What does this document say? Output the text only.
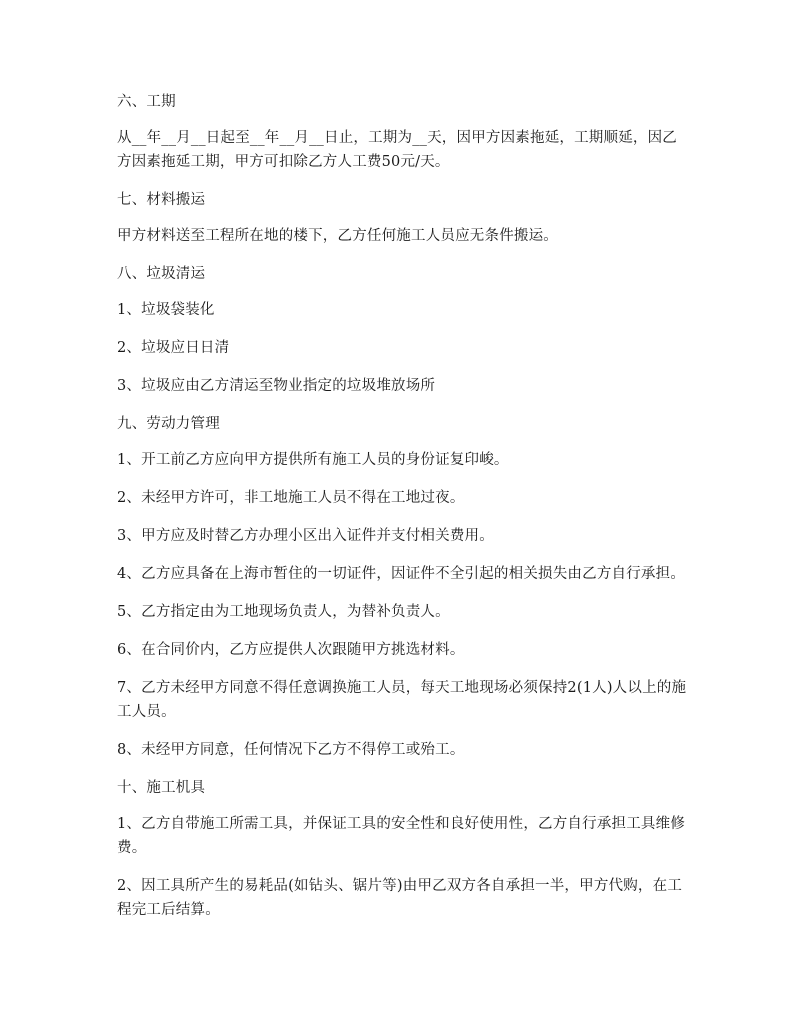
六、工期

从__年__月__日起至__年__月__日止，工期为__天，因甲方因素拖延，工期顺延，因乙方因素拖延工期，甲方可扣除乙方人工费50元/天。

七、材料搬运

甲方材料送至工程所在地的楼下，乙方任何施工人员应无条件搬运。

八、垃圾清运

1、垃圾袋装化

2、垃圾应日日清

3、垃圾应由乙方清运至物业指定的垃圾堆放场所

九、劳动力管理

1、开工前乙方应向甲方提供所有施工人员的身份证复印峻。

2、未经甲方许可，非工地施工人员不得在工地过夜。

3、甲方应及时替乙方办理小区出入证件并支付相关费用。

4、乙方应具备在上海市暂住的一切证件，因证件不全引起的相关损失由乙方自行承担。

5、乙方指定由为工地现场负责人，为替补负责人。

6、在合同价内，乙方应提供人次跟随甲方挑选材料。

7、乙方未经甲方同意不得任意调换施工人员，每天工地现场必须保持2(1人)人以上的施工人员。

8、未经甲方同意，任何情况下乙方不得停工或殆工。

十、施工机具

1、乙方自带施工所需工具，并保证工具的安全性和良好使用性，乙方自行承担工具维修费。

2、因工具所产生的易耗品(如钻头、锯片等)由甲乙双方各自承担一半，甲方代购，在工程完工后结算。
